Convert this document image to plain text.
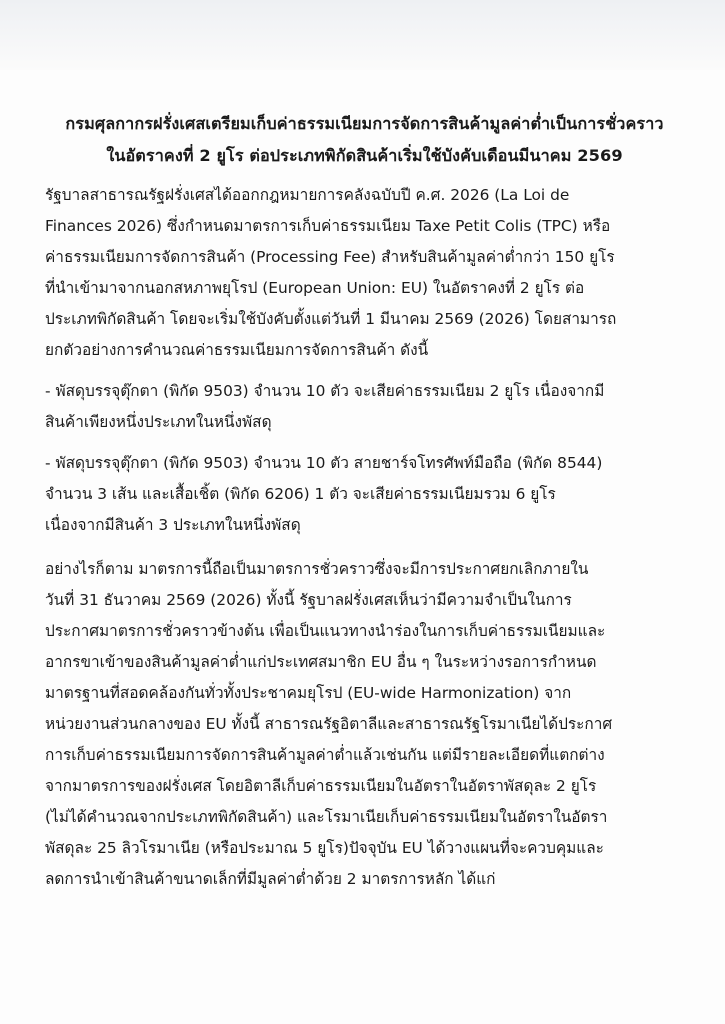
กรมศุลกากรฝรั่งเศสเตรียมเก็บค่าธรรมเนียมการจัดการสินค้ามูลค่าต่ำเป็นการชั่วคราว
ในอัตราคงที่ 2 ยูโร ต่อประเภทพิกัดสินค้าเริ่มใช้บังคับเดือนมีนาคม 2569
รัฐบาลสาธารณรัฐฝรั่งเศสได้ออกกฎหมายการคลังฉบับปี ค.ศ. 2026 (La Loi de
Finances 2026) ซึ่งกำหนดมาตรการเก็บค่าธรรมเนียม Taxe Petit Colis (TPC) หรือ
ค่าธรรมเนียมการจัดการสินค้า (Processing Fee) สำหรับสินค้ามูลค่าต่ำกว่า 150 ยูโร
ที่นำเข้ามาจากนอกสหภาพยุโรป (European Union: EU) ในอัตราคงที่ 2 ยูโร ต่อ
ประเภทพิกัดสินค้า โดยจะเริ่มใช้บังคับตั้งแต่วันที่ 1 มีนาคม 2569 (2026) โดยสามารถ
ยกตัวอย่างการคำนวณค่าธรรมเนียมการจัดการสินค้า ดังนี้
- พัสดุบรรจุตุ๊กตา (พิกัด 9503) จำนวน 10 ตัว จะเสียค่าธรรมเนียม 2 ยูโร เนื่องจากมี
สินค้าเพียงหนึ่งประเภทในหนึ่งพัสดุ
- พัสดุบรรจุตุ๊กตา (พิกัด 9503) จำนวน 10 ตัว สายชาร์จโทรศัพท์มือถือ (พิกัด 8544)
จำนวน 3 เส้น และเสื้อเชิ้ต (พิกัด 6206) 1 ตัว จะเสียค่าธรรมเนียมรวม 6 ยูโร
เนื่องจากมีสินค้า 3 ประเภทในหนึ่งพัสดุ
อย่างไรก็ตาม มาตรการนี้ถือเป็นมาตรการชั่วคราวซึ่งจะมีการประกาศยกเลิกภายใน
วันที่ 31 ธันวาคม 2569 (2026) ทั้งนี้ รัฐบาลฝรั่งเศสเห็นว่ามีความจำเป็นในการ
ประกาศมาตรการชั่วคราวข้างต้น เพื่อเป็นแนวทางนำร่องในการเก็บค่าธรรมเนียมและ
อากรขาเข้าของสินค้ามูลค่าต่ำแก่ประเทศสมาชิก EU อื่น ๆ ในระหว่างรอการกำหนด
มาตรฐานที่สอดคล้องกันทั่วทั้งประชาคมยุโรป (EU-wide Harmonization) จาก
หน่วยงานส่วนกลางของ EU ทั้งนี้ สาธารณรัฐอิตาลีและสาธารณรัฐโรมาเนียได้ประกาศ
การเก็บค่าธรรมเนียมการจัดการสินค้ามูลค่าต่ำแล้วเช่นกัน แต่มีรายละเอียดที่แตกต่าง
จากมาตรการของฝรั่งเศส โดยอิตาลีเก็บค่าธรรมเนียมในอัตราในอัตราพัสดุละ 2 ยูโร
(ไม่ได้คำนวณจากประเภทพิกัดสินค้า) และโรมาเนียเก็บค่าธรรมเนียมในอัตราในอัตรา
พัสดุละ 25 ลิวโรมาเนีย (หรือประมาณ 5 ยูโร)ปัจจุบัน EU ได้วางแผนที่จะควบคุมและ
ลดการนำเข้าสินค้าขนาดเล็กที่มีมูลค่าต่ำด้วย 2 มาตรการหลัก ได้แก่
